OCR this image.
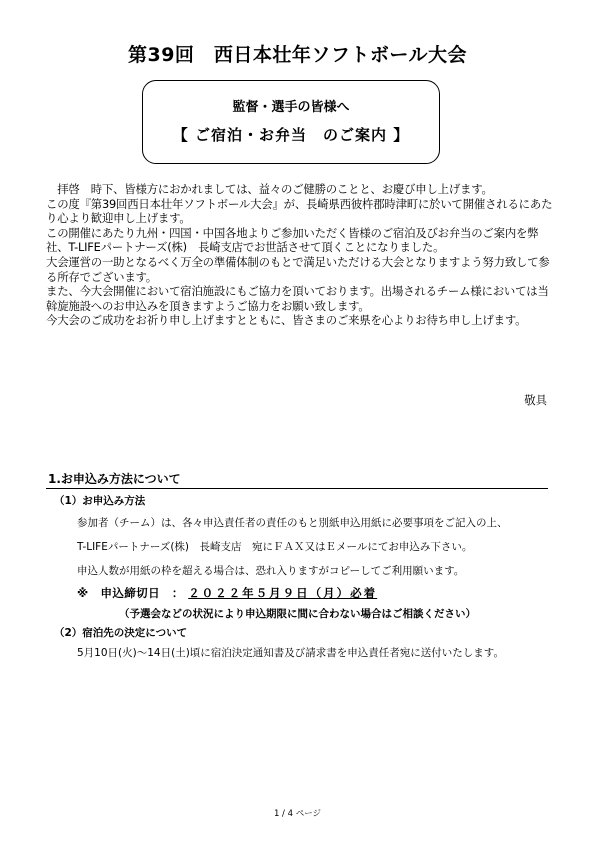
第39回　西日本壮年ソフトボール大会
監督・選手の皆様へ
【 ご宿泊・お弁当　のご案内 】

　拝啓　時下、皆様方におかれましては、益々のご健勝のことと、お慶び申し上げます。

この度『第39回西日本壮年ソフトボール大会』が、長崎県西彼杵郡時津町に於いて開催されるにあたり心より歓迎申し上げます。

この開催にあたり九州・四国・中国各地よりご参加いただく皆様のご宿泊及びお弁当のご案内を弊社、T-LIFEパートナーズ(株)　長崎支店でお世話させて頂くことになりました。

大会運営の一助となるべく万全の準備体制のもとで満足いただける大会となりますよう努力致して参る所存でございます。

また、今大会開催において宿泊施設にもご協力を頂いております。出場されるチーム様においては当斡旋施設へのお申込みを頂きますようご協力をお願い致します。

今大会のご成功をお祈り申し上げますとともに、皆さまのご来県を心よりお待ち申し上げます。

敬具
1.お申込み方法について
（1）お申込み方法
参加者（チーム）は、各々申込責任者の責任のもと別紙申込用紙に必要事項をご記入の上、
T-LIFEパートナーズ(株)　長崎支店　宛にＦＡＸ又はＥメールにてお申込み下さい。
申込人数が用紙の枠を超える場合は、恐れ入りますがコピーしてご利用願います。
※　申込締切日　： ２０２２年５月９日（月）必着
（予選会などの状況により申込期限に間に合わない場合はご相談ください）
（2）宿泊先の決定について
5月10日(火)～14日(土)頃に宿泊決定通知書及び請求書を申込責任者宛に送付いたします。
1 / 4 ページ
